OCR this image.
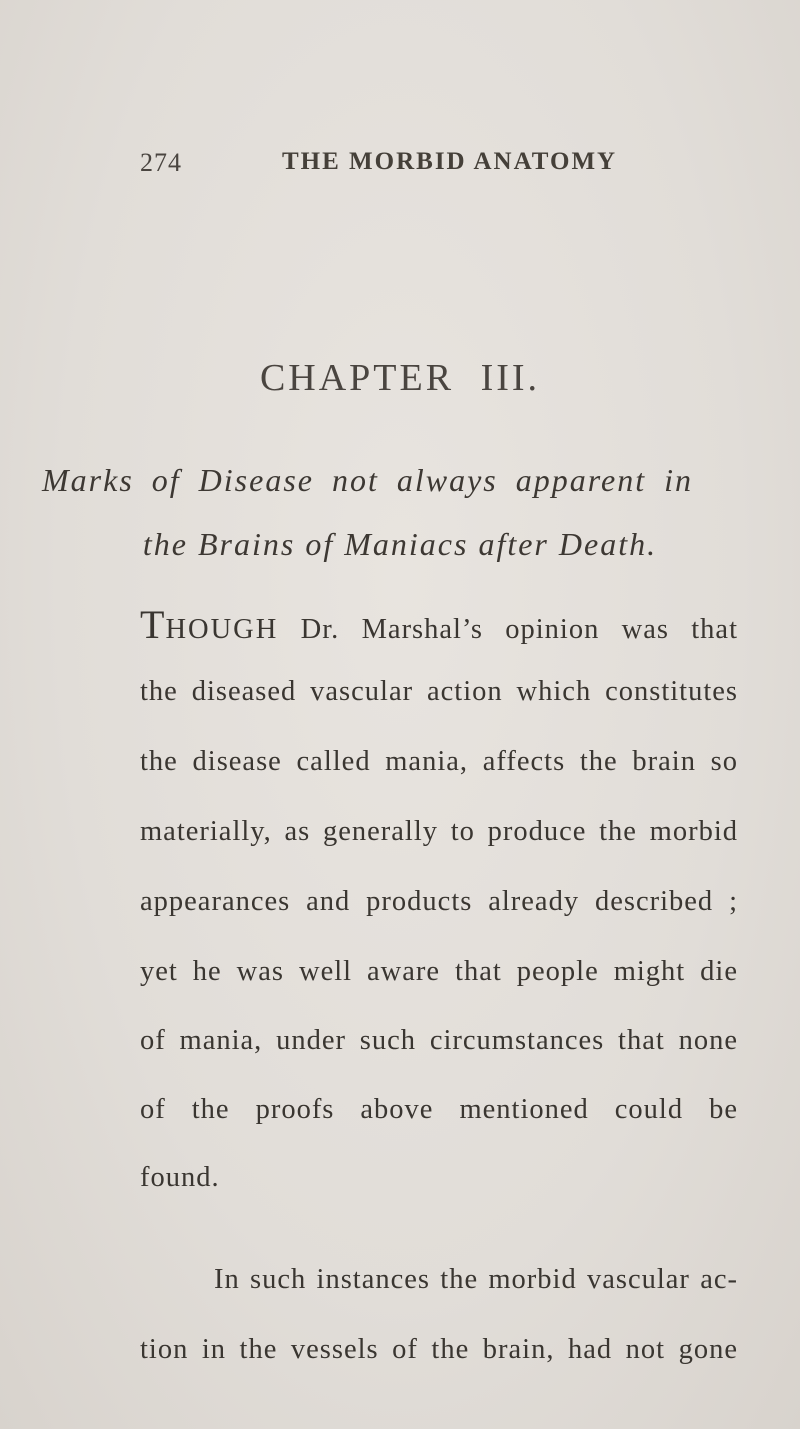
274	THE MORBID ANATOMY
CHAPTER III.
Marks of Disease not always apparent in
the Brains of Maniacs after Death.
THOUGH Dr. Marshal’s opinion was that
the diseased vascular action which constitutes
the disease called mania, affects the brain so
materially, as generally to produce the morbid
appearances and products already described ;
yet he was well aware that people might die
of mania, under such circumstances that none
of the proofs above mentioned could be
found.
In such instances the morbid vascular ac-
tion in the vessels of the brain, had not gone
